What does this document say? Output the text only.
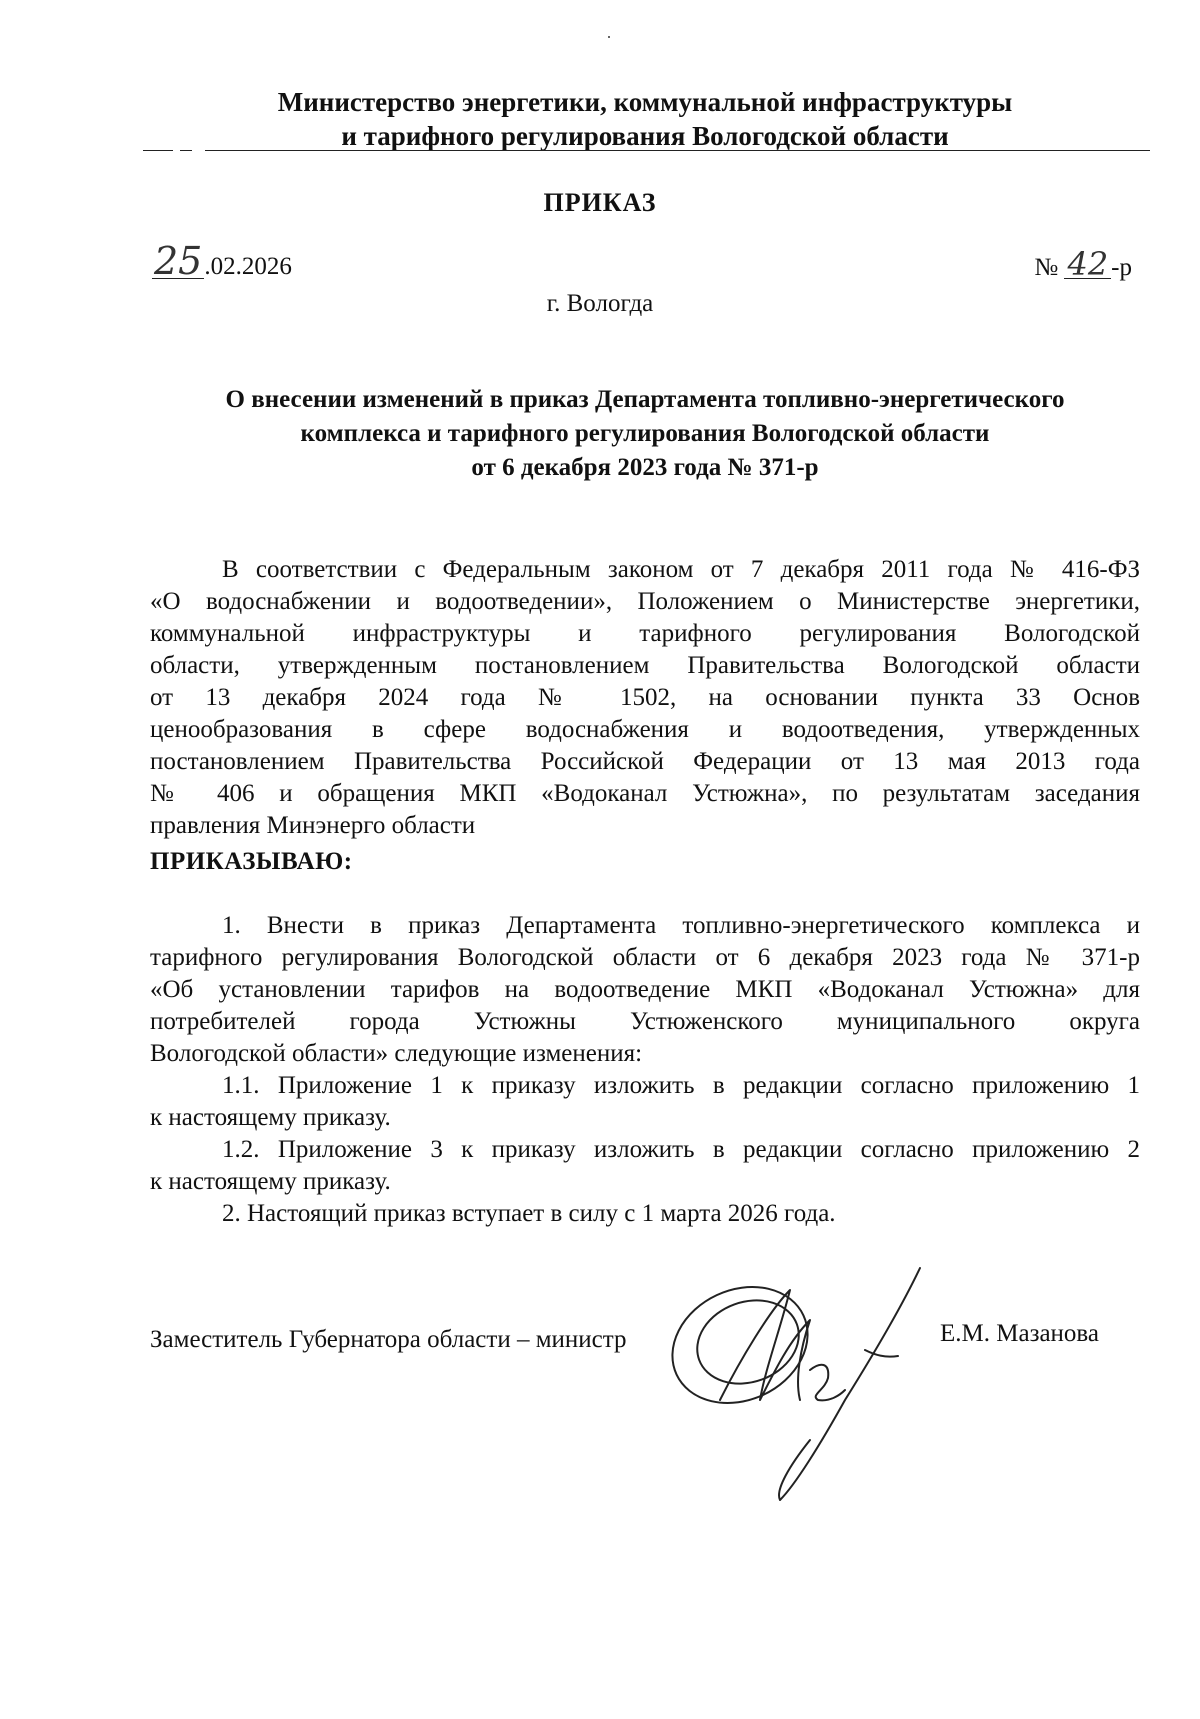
Министерство энергетики, коммунальной инфраструктуры
и тарифного регулирования Вологодской области
ПРИКАЗ
25.02.2026	№ 42 -р
г. Вологда
О внесении изменений в приказ Департамента топливно-энергетического
комплекса и тарифного регулирования Вологодской области
от 6 декабря 2023 года № 371-р
В соответствии с Федеральным законом от 7 декабря 2011 года № 416-ФЗ
«О водоснабжении и водоотведении», Положением о Министерстве энергетики,
коммунальной инфраструктуры и тарифного регулирования Вологодской
области, утвержденным постановлением Правительства Вологодской области
от 13 декабря 2024 года № 1502, на основании пункта 33 Основ
ценообразования в сфере водоснабжения и водоотведения, утвержденных
постановлением Правительства Российской Федерации от 13 мая 2013 года
№ 406 и обращения МКП «Водоканал Устюжна», по результатам заседания
правления Минэнерго области
ПРИКАЗЫВАЮ:
1. Внести в приказ Департамента топливно-энергетического комплекса и
тарифного регулирования Вологодской области от 6 декабря 2023 года № 371-р
«Об установлении тарифов на водоотведение МКП «Водоканал Устюжна» для
потребителей города Устюжны Устюженского муниципального округа
Вологодской области» следующие изменения:
1.1. Приложение 1 к приказу изложить в редакции согласно приложению 1
к настоящему приказу.
1.2. Приложение 3 к приказу изложить в редакции согласно приложению 2
к настоящему приказу.
2. Настоящий приказ вступает в силу с 1 марта 2026 года.
Заместитель Губернатора области – министр	Е.М. Мазанова
